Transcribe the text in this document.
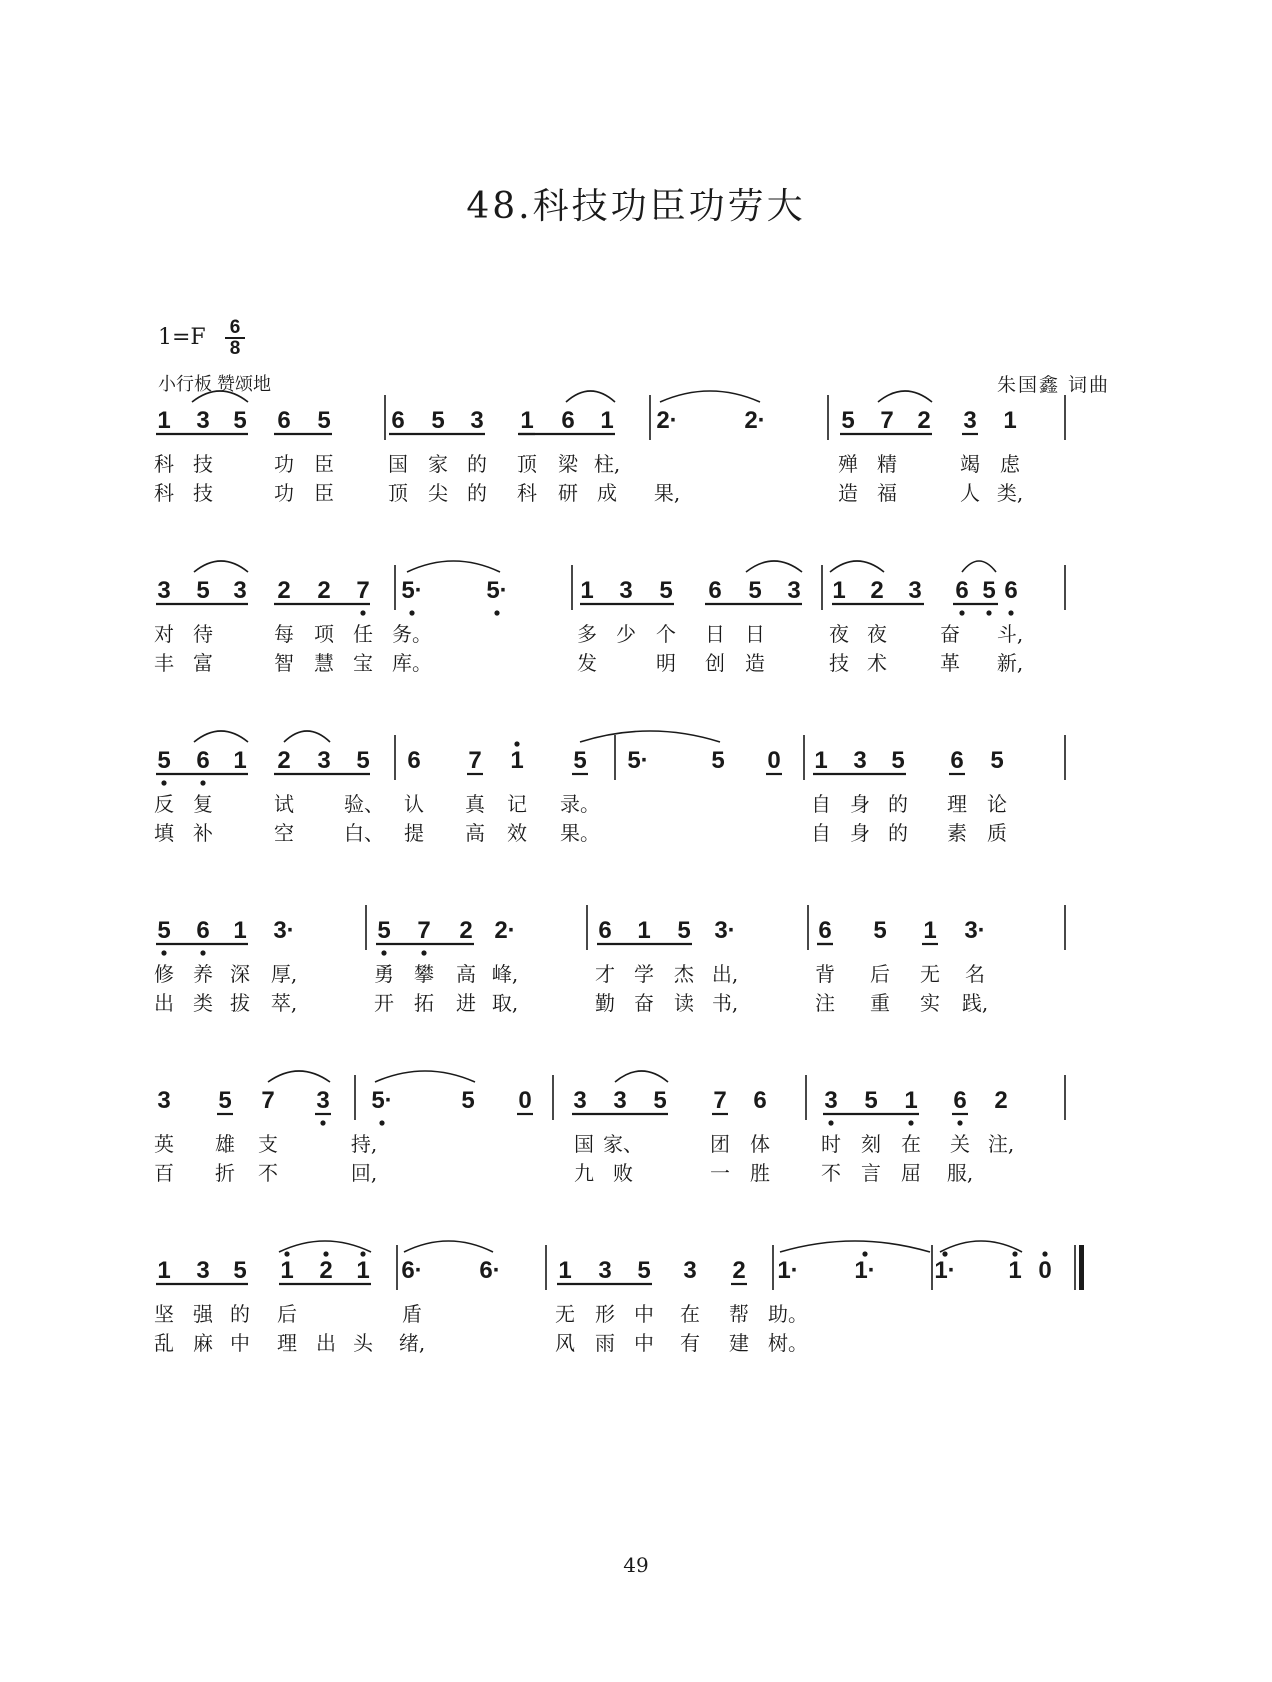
48.科技功臣功劳大
$1=F \frac{6}{8}$
小行板 赞颂地	朱国鑫 词曲
1 3 5 6 5	6 5 3 1 6 1 2·	2·	5 7 2 3 1
科 技	功 臣	国 家 的 顶 梁 柱,	殚 精	竭 虑
科 技	功 臣	顶 尖 的 科 研 成 果,	造 福	人 类,
3 5 3 2 2 7 5·	5·	1 3 5 6 5 3 1 2 3 6 5 6
对 待	每 项 任 务。	多 少 个 日 日	夜 夜	奋 斗,
丰 富	智 慧 宝 库。	发	明 创 造	技 术	革 新,
5 6 1 2 3 5 6 7 1 5 5·	5 0 1 3 5 6 5
反 复	试	验、 认 真 记 录。	自 身 的 理 论
填 补	空	白、 提 高 效 果。	自 身 的 素 质
5 6 1 3·	5 7 2 2·	6 1 5 3·	6 5 1 3·
修 养 深 厚,	勇 攀 高 峰,	才 学 杰 出,	背 后 无 名
出 类 拔 萃,	开 拓 进 取,	勤 奋 读 书,	注 重 实 践,
3 5 7 3 5·	5 0 3 3 5 7 6 3 5 1 6 2
英 雄 支	持,	国 家、	团 体	时 刻 在 关 注,
百 折 不	回,	九 败	一 胜	不 言 屈 服,
1 3 5 1 2 1 6· 6· 1 3 5 3 2 1· 1· 1· 1 0
坚 强 的 后	盾	无 形 中 在 帮 助。
乱 麻 中 理 出 头 绪,	风 雨 中 有 建 树。
49
